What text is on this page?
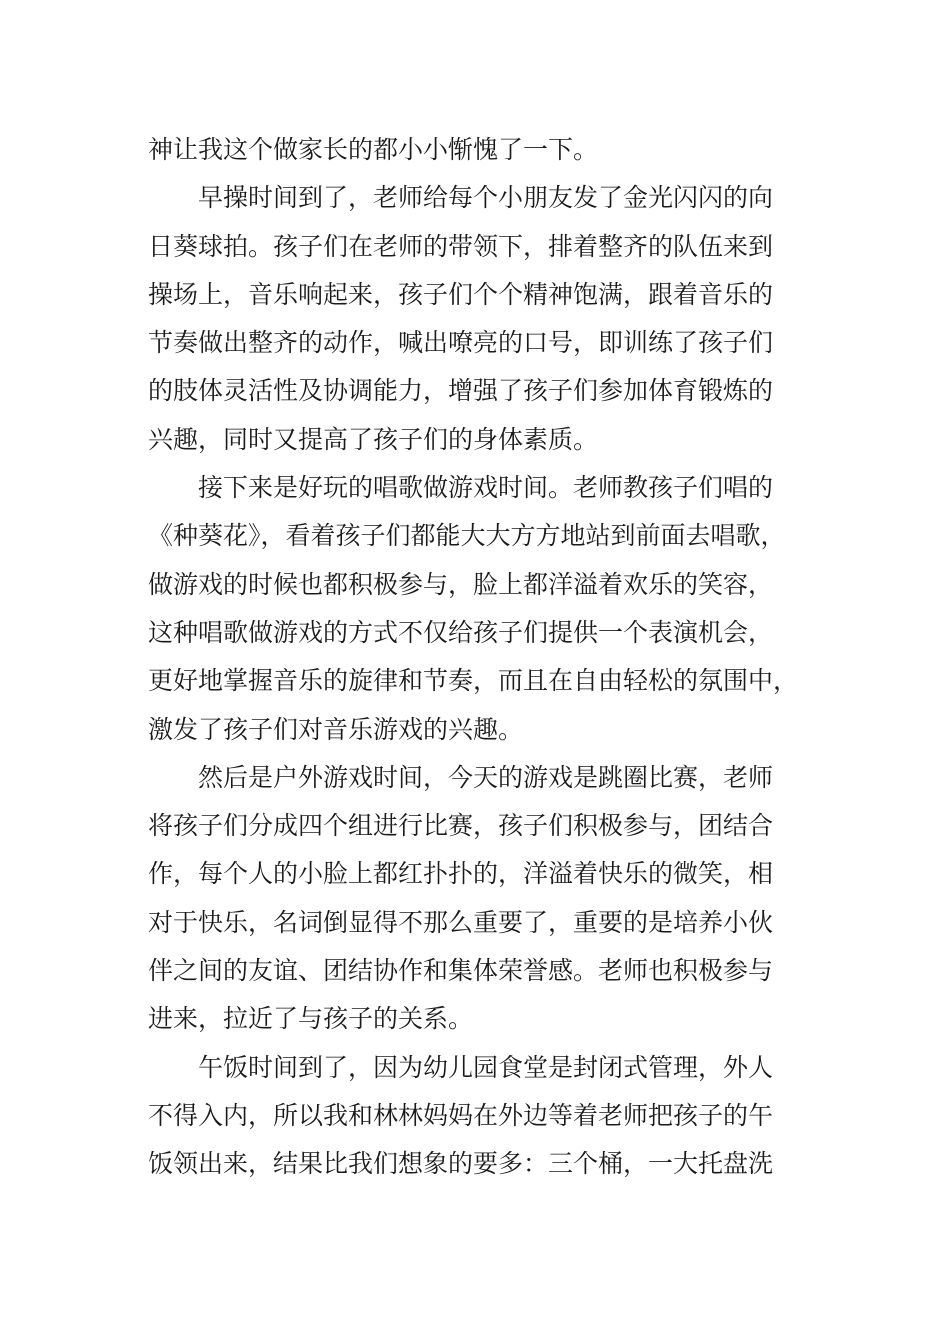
神让我这个做家长的都小小惭愧了一下。
早操时间到了，老师给每个小朋友发了金光闪闪的向
日葵球拍。孩子们在老师的带领下，排着整齐的队伍来到
操场上，音乐响起来，孩子们个个精神饱满，跟着音乐的
节奏做出整齐的动作，喊出嘹亮的口号，即训练了孩子们
的肢体灵活性及协调能力，增强了孩子们参加体育锻炼的
兴趣，同时又提高了孩子们的身体素质。
接下来是好玩的唱歌做游戏时间。老师教孩子们唱的
《种葵花》，看着孩子们都能大大方方地站到前面去唱歌，
做游戏的时候也都积极参与，脸上都洋溢着欢乐的笑容，
这种唱歌做游戏的方式不仅给孩子们提供一个表演机会，
更好地掌握音乐的旋律和节奏，而且在自由轻松的氛围中，
激发了孩子们对音乐游戏的兴趣。
然后是户外游戏时间，今天的游戏是跳圈比赛，老师
将孩子们分成四个组进行比赛，孩子们积极参与，团结合
作，每个人的小脸上都红扑扑的，洋溢着快乐的微笑，相
对于快乐，名词倒显得不那么重要了，重要的是培养小伙
伴之间的友谊、团结协作和集体荣誉感。老师也积极参与
进来，拉近了与孩子的关系。
午饭时间到了，因为幼儿园食堂是封闭式管理，外人
不得入内，所以我和林林妈妈在外边等着老师把孩子的午
饭领出来，结果比我们想象的要多：三个桶，一大托盘洗
